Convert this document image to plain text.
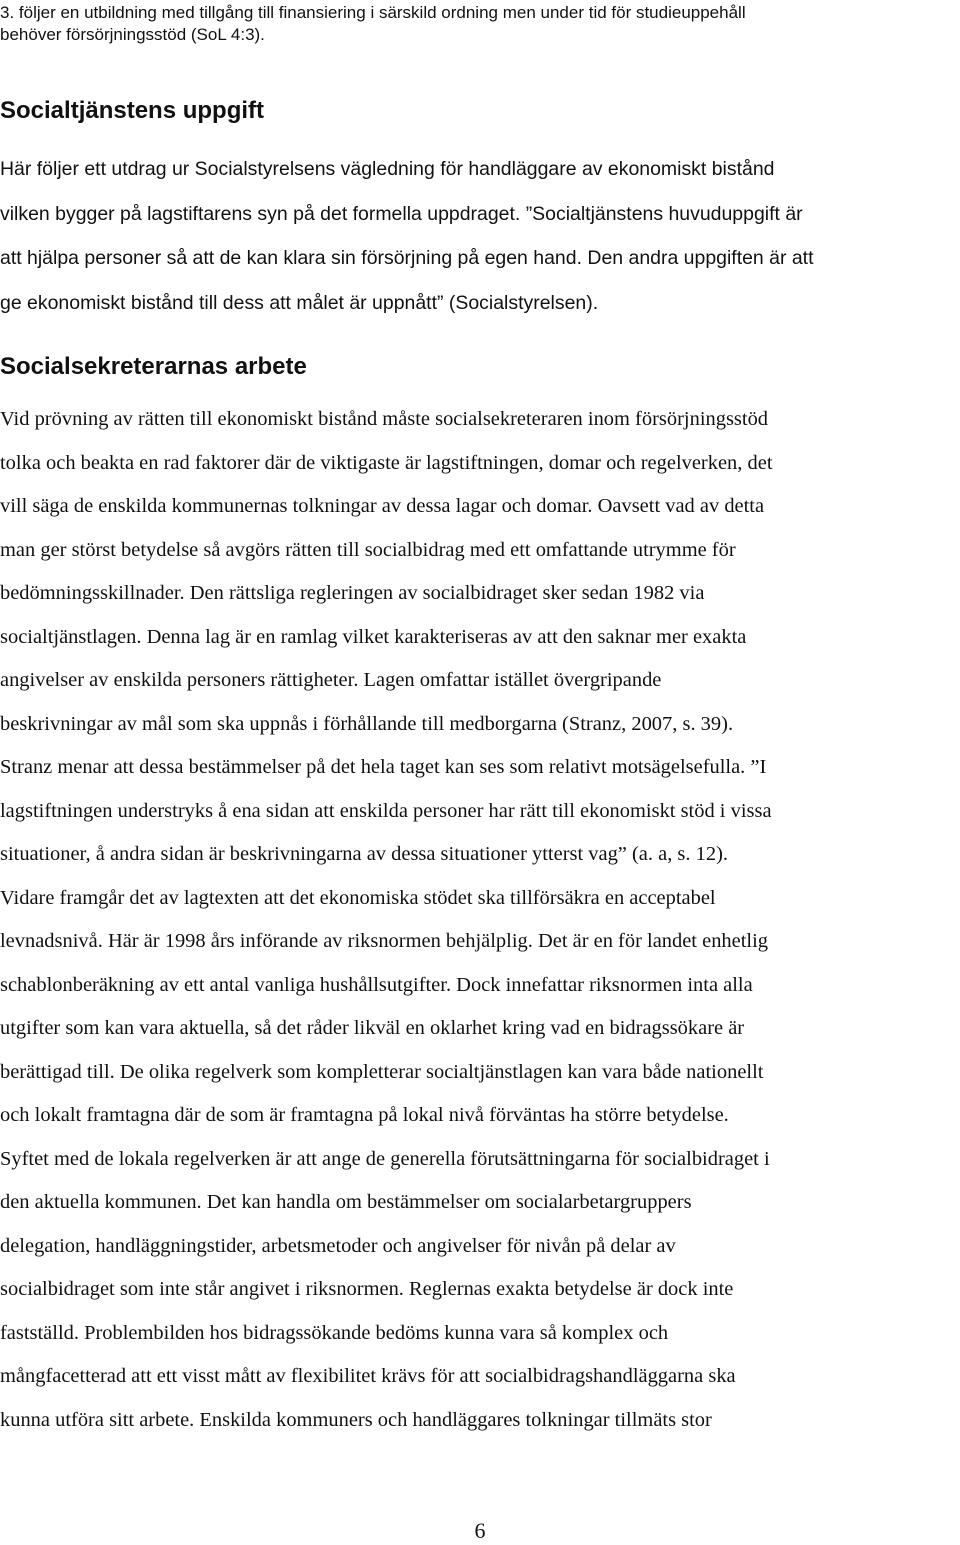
3. följer en utbildning med tillgång till finansiering i särskild ordning men under tid för studieuppehåll
behöver försörjningsstöd (SoL 4:3).
Socialtjänstens uppgift
Här följer ett utdrag ur Socialstyrelsens vägledning för handläggare av ekonomiskt bistånd
vilken bygger på lagstiftarens syn på det formella uppdraget. ”Socialtjänstens huvuduppgift är
att hjälpa personer så att de kan klara sin försörjning på egen hand. Den andra uppgiften är att
ge ekonomiskt bistånd till dess att målet är uppnått” (Socialstyrelsen).
Socialsekreterarnas arbete
Vid prövning av rätten till ekonomiskt bistånd måste socialsekreteraren inom försörjningsstöd
tolka och beakta en rad faktorer där de viktigaste är lagstiftningen, domar och regelverken, det
vill säga de enskilda kommunernas tolkningar av dessa lagar och domar. Oavsett vad av detta
man ger störst betydelse så avgörs rätten till socialbidrag med ett omfattande utrymme för
bedömningsskillnader. Den rättsliga regleringen av socialbidraget sker sedan 1982 via
socialtjänstlagen. Denna lag är en ramlag vilket karakteriseras av att den saknar mer exakta
angivelser av enskilda personers rättigheter. Lagen omfattar istället övergripande
beskrivningar av mål som ska uppnås i förhållande till medborgarna (Stranz, 2007, s. 39).
Stranz menar att dessa bestämmelser på det hela taget kan ses som relativt motsägelsefulla. ”I
lagstiftningen understryks å ena sidan att enskilda personer har rätt till ekonomiskt stöd i vissa
situationer, å andra sidan är beskrivningarna av dessa situationer ytterst vag” (a. a, s. 12).
Vidare framgår det av lagtexten att det ekonomiska stödet ska tillförsäkra en acceptabel
levnadsnivå. Här är 1998 års införande av riksnormen behjälplig. Det är en för landet enhetlig
schablonberäkning av ett antal vanliga hushållsutgifter. Dock innefattar riksnormen inta alla
utgifter som kan vara aktuella, så det råder likväl en oklarhet kring vad en bidragssökare är
berättigad till. De olika regelverk som kompletterar socialtjänstlagen kan vara både nationellt
och lokalt framtagna där de som är framtagna på lokal nivå förväntas ha större betydelse.
Syftet med de lokala regelverken är att ange de generella förutsättningarna för socialbidraget i
den aktuella kommunen. Det kan handla om bestämmelser om socialarbetargruppers
delegation, handläggningstider, arbetsmetoder och angivelser för nivån på delar av
socialbidraget som inte står angivet i riksnormen. Reglernas exakta betydelse är dock inte
fastställd. Problembilden hos bidragssökande bedöms kunna vara så komplex och
mångfacetterad att ett visst mått av flexibilitet krävs för att socialbidragshandläggarna ska
kunna utföra sitt arbete. Enskilda kommuners och handläggares tolkningar tillmäts stor
6
